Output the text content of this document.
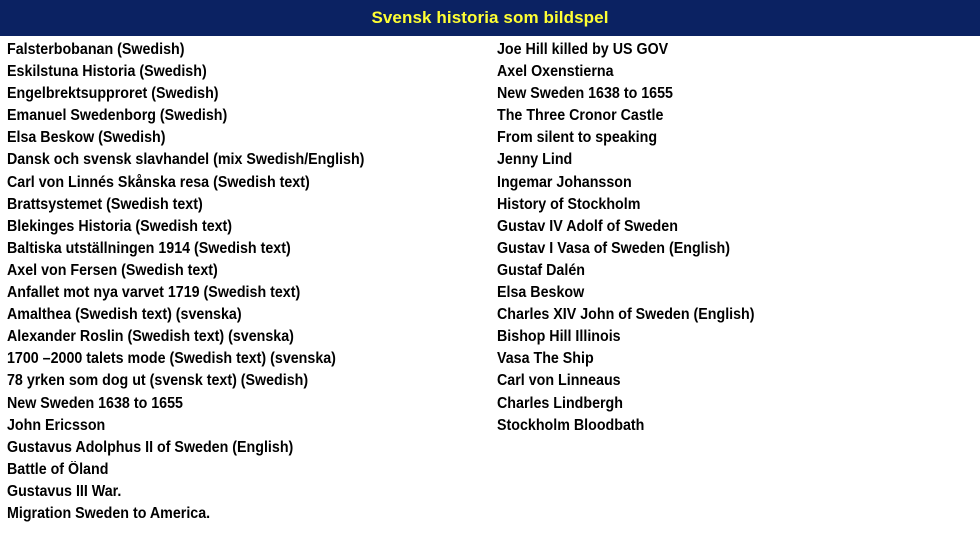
Svensk historia som bildspel
Falsterbobanan (Swedish)
Eskilstuna Historia (Swedish)
Engelbrektsupproret (Swedish)
Emanuel Swedenborg (Swedish)
Elsa Beskow (Swedish)
Dansk och svensk slavhandel (mix Swedish/English)
Carl von Linnés Skånska resa (Swedish text)
Brattsystemet (Swedish text)
Blekinges Historia (Swedish text)
Baltiska utställningen 1914 (Swedish text)
Axel von Fersen (Swedish text)
Anfallet mot nya varvet 1719 (Swedish text)
Amalthea (Swedish text) (svenska)
Alexander Roslin (Swedish text) (svenska)
1700 –2000 talets mode (Swedish text) (svenska)
78 yrken som dog ut (svensk text) (Swedish)
New Sweden 1638 to 1655
John Ericsson
Gustavus Adolphus II of Sweden (English)
Battle of Öland
Gustavus III War.
Migration Sweden to America.
Joe Hill killed by US GOV
Axel Oxenstierna
New Sweden 1638 to 1655
The Three Cronor Castle
From silent to speaking
Jenny Lind
Ingemar Johansson
History of Stockholm
Gustav IV Adolf of Sweden
Gustav I Vasa of Sweden (English)
Gustaf Dalén
Elsa Beskow
Charles XIV John of Sweden (English)
Bishop Hill Illinois
Vasa The Ship
Carl von Linneaus
Charles Lindbergh
Stockholm Bloodbath
